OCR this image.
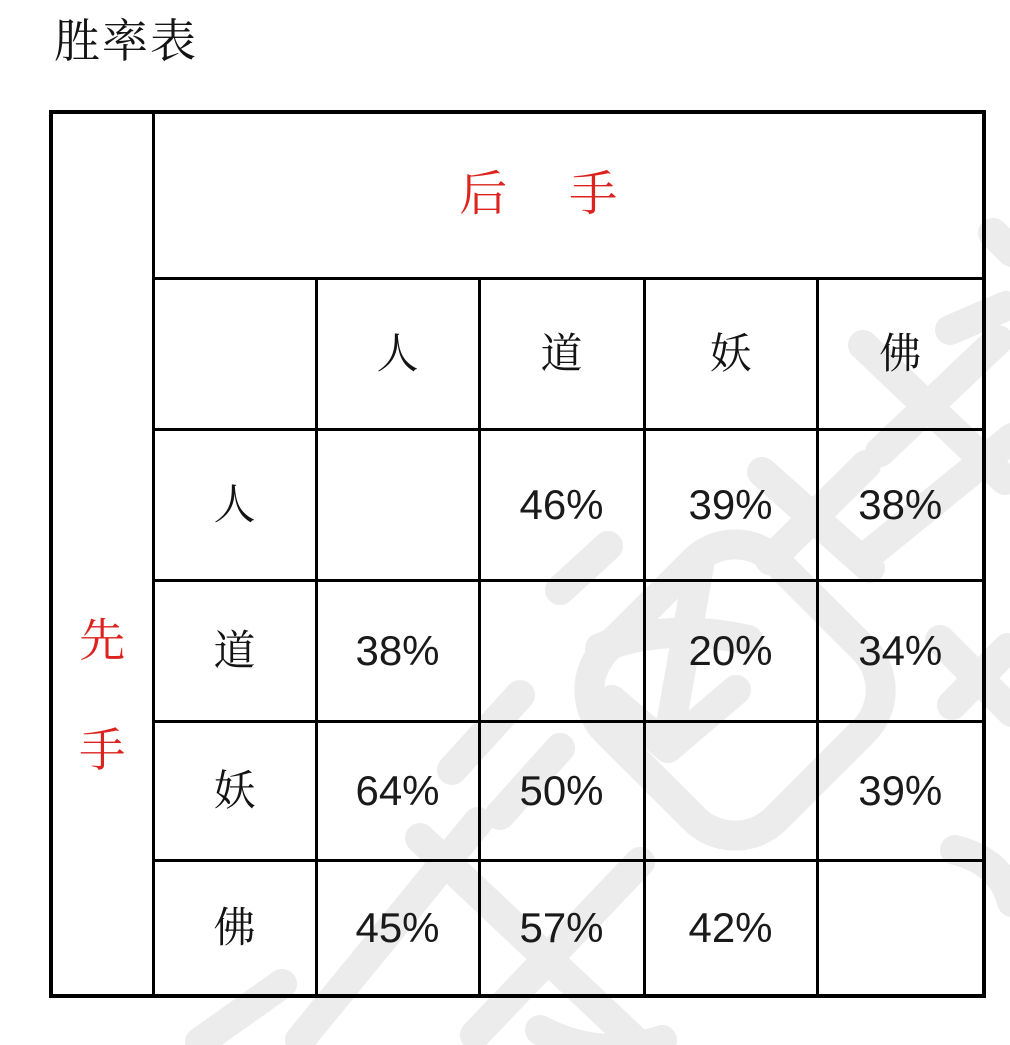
胜率表
先
手	后 手				

		人	道	妖	佛
	人		46%	39%	38%
	道	38%		20%	34%
	妖	64%	50%		39%
	佛	45%	57%	42%	
